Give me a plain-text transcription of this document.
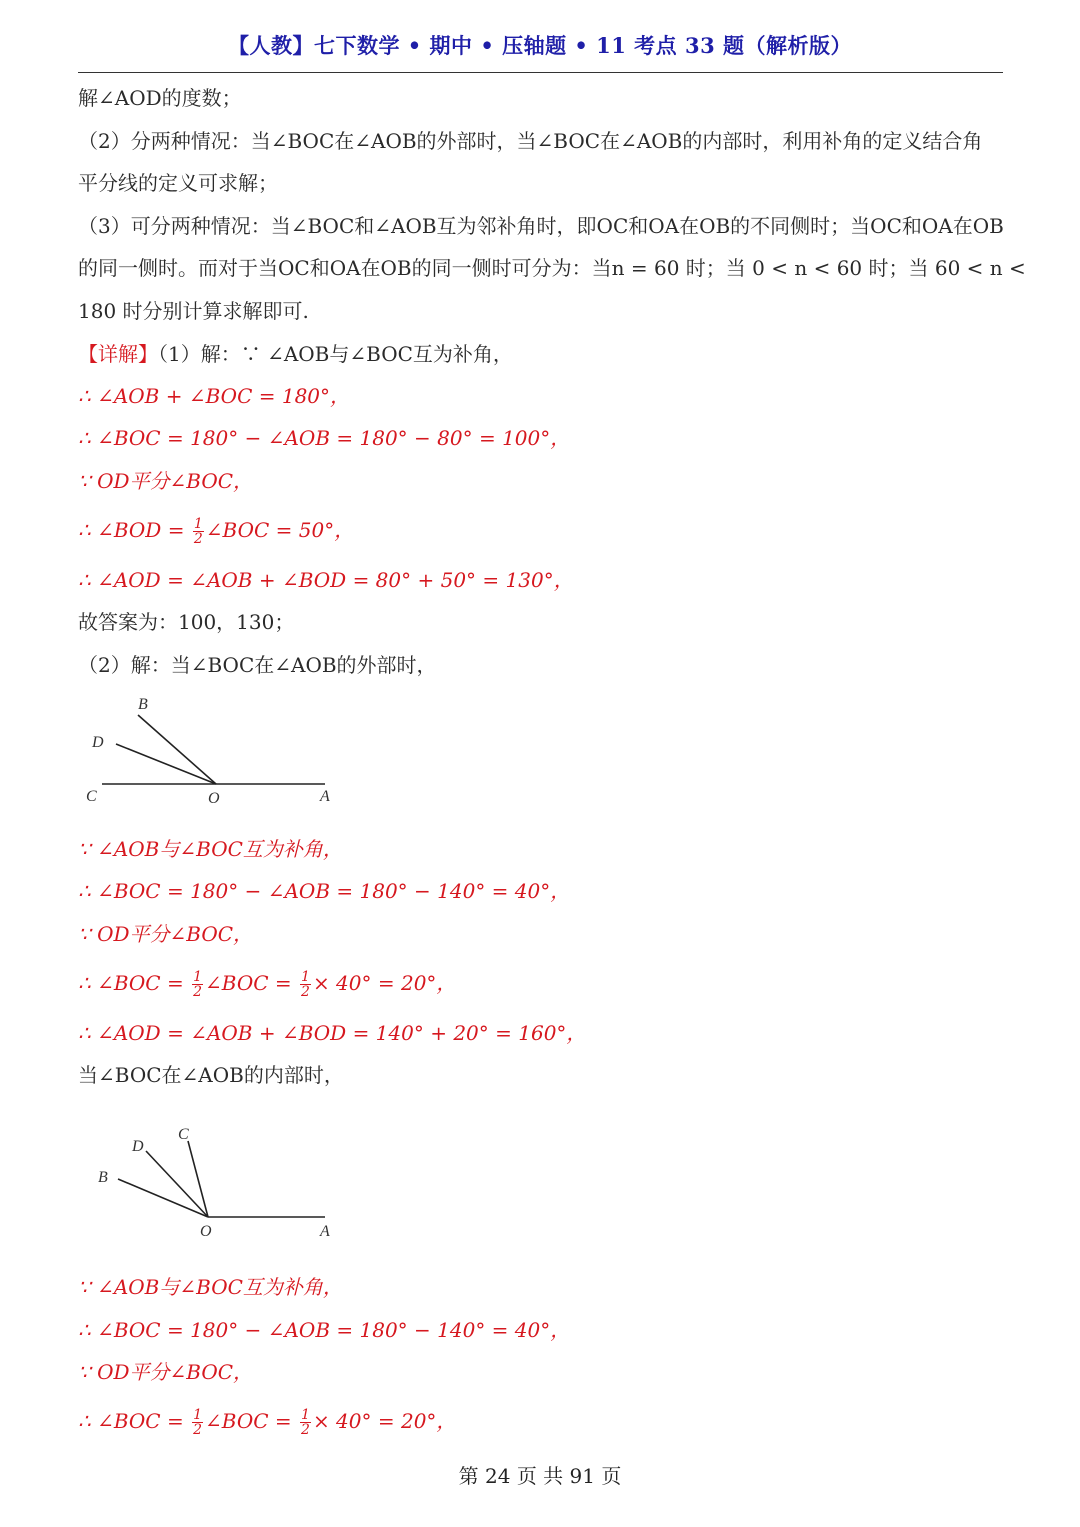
【人教】七下数学 • 期中 • 压轴题 • 11 考点 33 题（解析版）
解∠AOD的度数；
（2）分两种情况：当∠BOC在∠AOB的外部时，当∠BOC在∠AOB的内部时，利用补角的定义结合角
平分线的定义可求解；
（3）可分两种情况：当∠BOC和∠AOB互为邻补角时，即OC和OA在OB的不同侧时；当OC和OA在OB
的同一侧时。而对于当OC和OA在OB的同一侧时可分为：当n = 60 时；当 0 < n < 60 时；当 60 < n <
180 时分别计算求解即可.
【详解】（1）解：∵ ∠AOB与∠BOC互为补角，
∴ ∠AOB + ∠BOC = 180°，
∴ ∠BOC = 180° − ∠AOB = 180° − 80° = 100°，
∵ OD平分∠BOC，
∴ ∠BOD = $\frac{1}{2}$ ∠BOC = 50°，
∴ ∠AOD = ∠AOB + ∠BOD = 80° + 50° = 130°，
故答案为：100，130；
（2）解：当∠BOC在∠AOB的外部时，
B
D
C	O	A
∵ ∠AOB与∠BOC互为补角，
∴ ∠BOC = 180° − ∠AOB = 180° − 140° = 40°，
∵ OD平分∠BOC，
∴ ∠BOC = $\frac{1}{2}$ ∠BOC = $\frac{1}{2} \times 40^\circ = 20^\circ$，
∴ ∠AOD = ∠AOB + ∠BOD = 140° + 20° = 160°，
当∠BOC在∠AOB的内部时，
D
C
B
O	A
∵ ∠AOB与∠BOC互为补角，
∴ ∠BOC = 180° − ∠AOB = 180° − 140° = 40°，
∵ OD平分∠BOC，
∴ ∠BOC = $\frac{1}{2}$ ∠BOC = $\frac{1}{2} \times 40^\circ = 20^\circ$，
第 24 页 共 91 页
